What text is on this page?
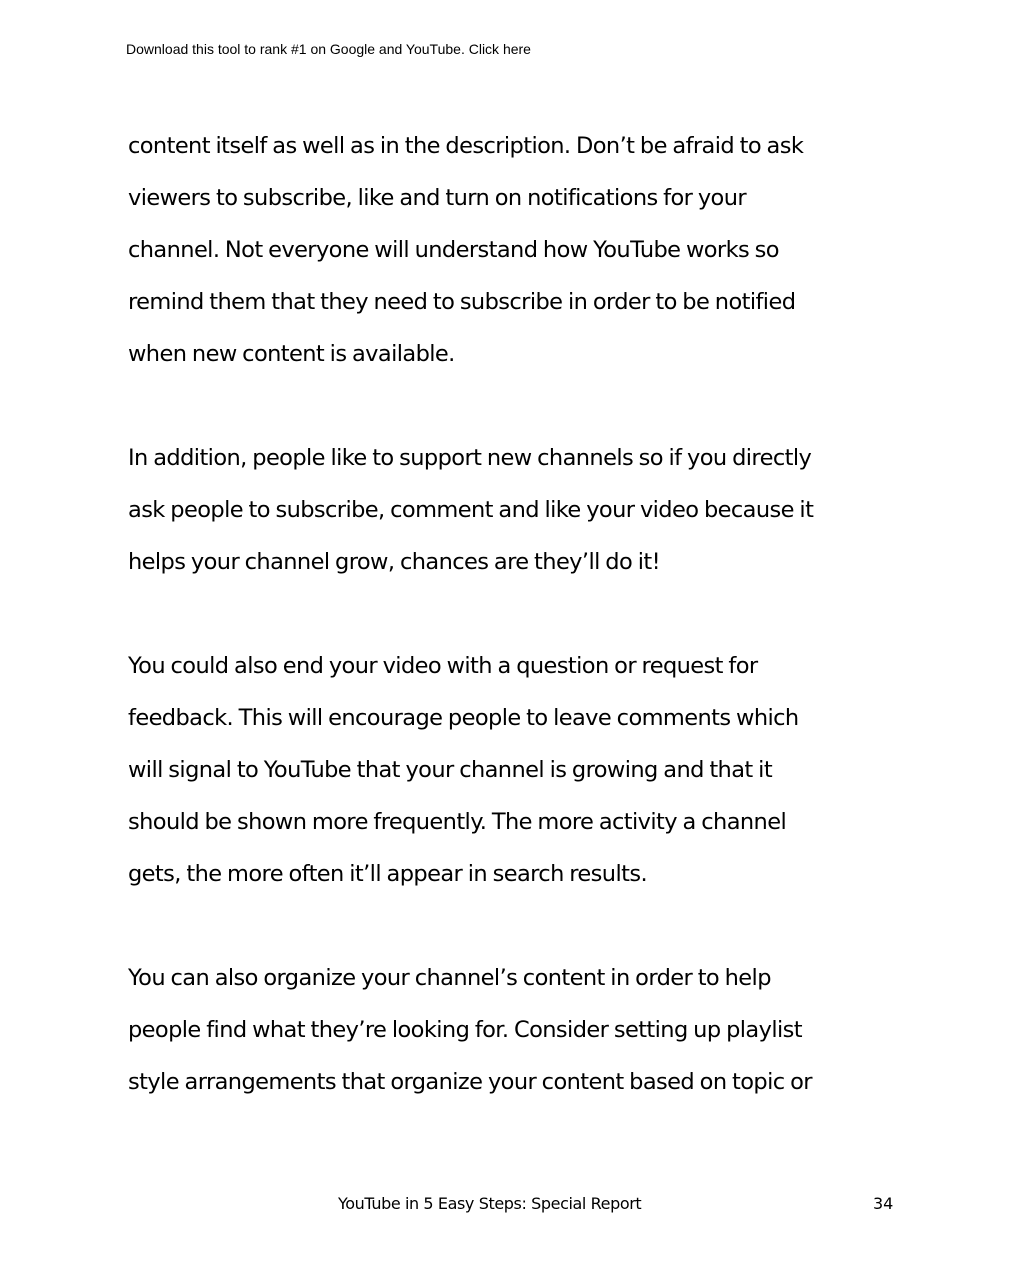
Download this tool to rank #1 on Google and YouTube. Click here

content itself as well as in the description. Don’t be afraid to ask
viewers to subscribe, like and turn on notifications for your
channel. Not everyone will understand how YouTube works so
remind them that they need to subscribe in order to be notified
when new content is available.

In addition, people like to support new channels so if you directly
ask people to subscribe, comment and like your video because it
helps your channel grow, chances are they’ll do it!

You could also end your video with a question or request for
feedback. This will encourage people to leave comments which
will signal to YouTube that your channel is growing and that it
should be shown more frequently. The more activity a channel
gets, the more often it’ll appear in search results.

You can also organize your channel’s content in order to help
people find what they’re looking for. Consider setting up playlist
style arrangements that organize your content based on topic or

YouTube in 5 Easy Steps: Special Report	34
